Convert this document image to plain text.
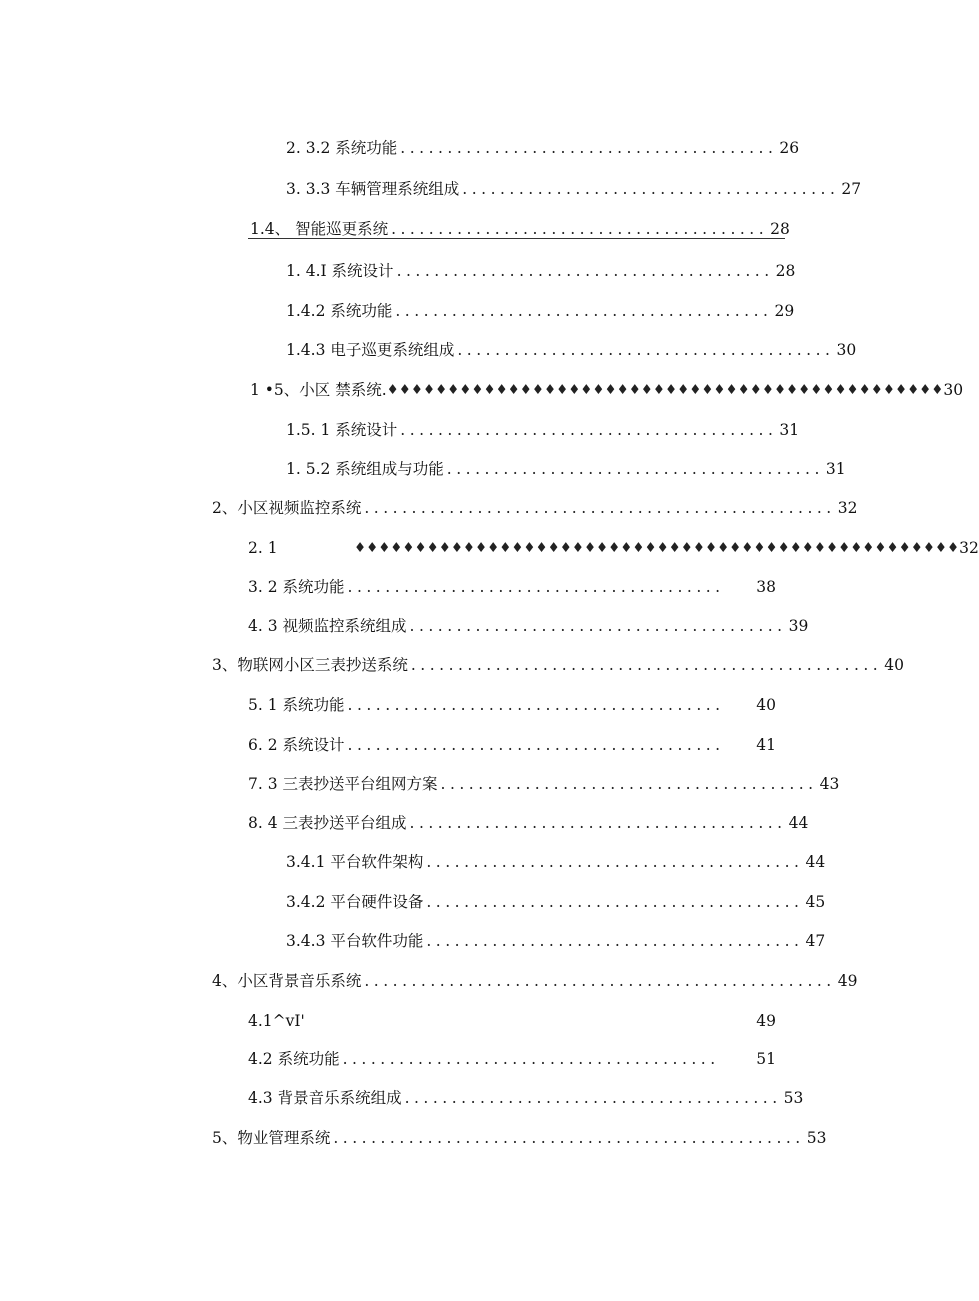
2. 3.2 系统功能 ........................................ 26
3. 3.3 车辆管理系统组成 ........................................ 27
1.4、 智能巡更系统 ........................................ 28
1. 4.I 系统设计 ........................................ 28
1.4.2 系统功能 ........................................ 29
1.4.3 电子巡更系统组成 ........................................ 30
1 •5、小区 禁系统. ♦♦♦♦♦♦♦♦♦♦♦♦♦♦♦♦♦♦♦♦♦♦♦♦♦♦♦♦♦♦♦♦♦♦♦♦♦♦♦♦♦♦♦♦♦♦ 30
1.5. 1 系统设计 ........................................ 31
1. 5.2 系统组成与功能 ........................................ 31
2、小区视频监控系统 .................................................. 32
2. 1	♦♦♦♦♦♦♦♦♦♦♦♦♦♦♦♦♦♦♦♦♦♦♦♦♦♦♦♦♦♦♦♦♦♦♦♦♦♦♦♦♦♦♦♦♦♦♦♦♦♦ 32
3. 2 系统功能 ........................................	38
4. 3 视频监控系统组成 ........................................ 39
3、物联网小区三表抄送系统 .................................................. 40
5. 1 系统功能 ........................................	40
6. 2 系统设计 ........................................	41
7. 3 三表抄送平台组网方案 ........................................ 43
8. 4 三表抄送平台组成 ........................................ 44
3.4.1 平台软件架构 ........................................ 44
3.4.2 平台硬件设备 ........................................ 45
3.4.3 平台软件功能 ........................................ 47
4、小区背景音乐系统 .................................................. 49
4.1^vI'	49
4.2 系统功能 ........................................	51
4.3 背景音乐系统组成 ........................................ 53
5、物业管理系统 .................................................. 53
